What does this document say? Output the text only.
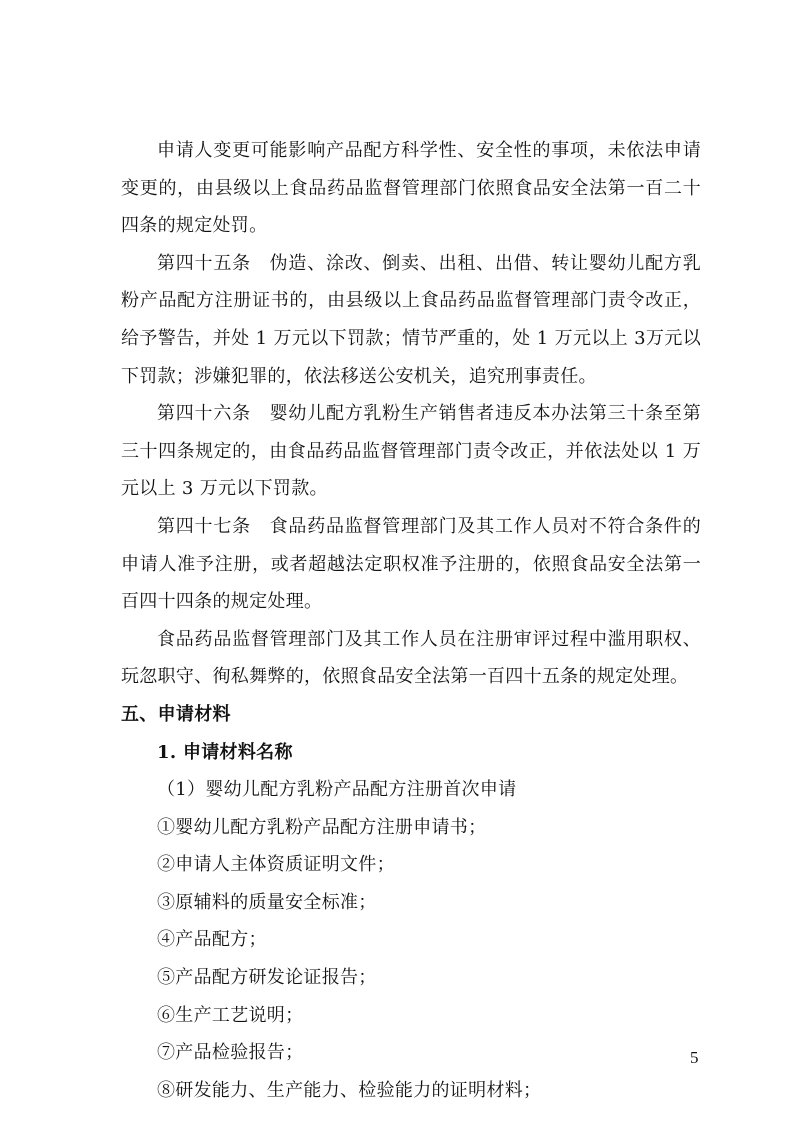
申请人变更可能影响产品配方科学性、安全性的事项，未依法申请变更的，由县级以上食品药品监督管理部门依照食品安全法第一百二十四条的规定处罚。

第四十五条　伪造、涂改、倒卖、出租、出借、转让婴幼儿配方乳粉产品配方注册证书的，由县级以上食品药品监督管理部门责令改正，给予警告，并处 1 万元以下罚款；情节严重的，处 1 万元以上 3万元以下罚款；涉嫌犯罪的，依法移送公安机关，追究刑事责任。

第四十六条　婴幼儿配方乳粉生产销售者违反本办法第三十条至第三十四条规定的，由食品药品监督管理部门责令改正，并依法处以 1 万元以上 3 万元以下罚款。

第四十七条　食品药品监督管理部门及其工作人员对不符合条件的申请人准予注册，或者超越法定职权准予注册的，依照食品安全法第一百四十四条的规定处理。

食品药品监督管理部门及其工作人员在注册审评过程中滥用职权、玩忽职守、徇私舞弊的，依照食品安全法第一百四十五条的规定处理。

五、申请材料

1. 申请材料名称

（1）婴幼儿配方乳粉产品配方注册首次申请

①婴幼儿配方乳粉产品配方注册申请书；

②申请人主体资质证明文件；

③原辅料的质量安全标准；

④产品配方；

⑤产品配方研发论证报告；

⑥生产工艺说明；

⑦产品检验报告；

⑧研发能力、生产能力、检验能力的证明材料；

5
